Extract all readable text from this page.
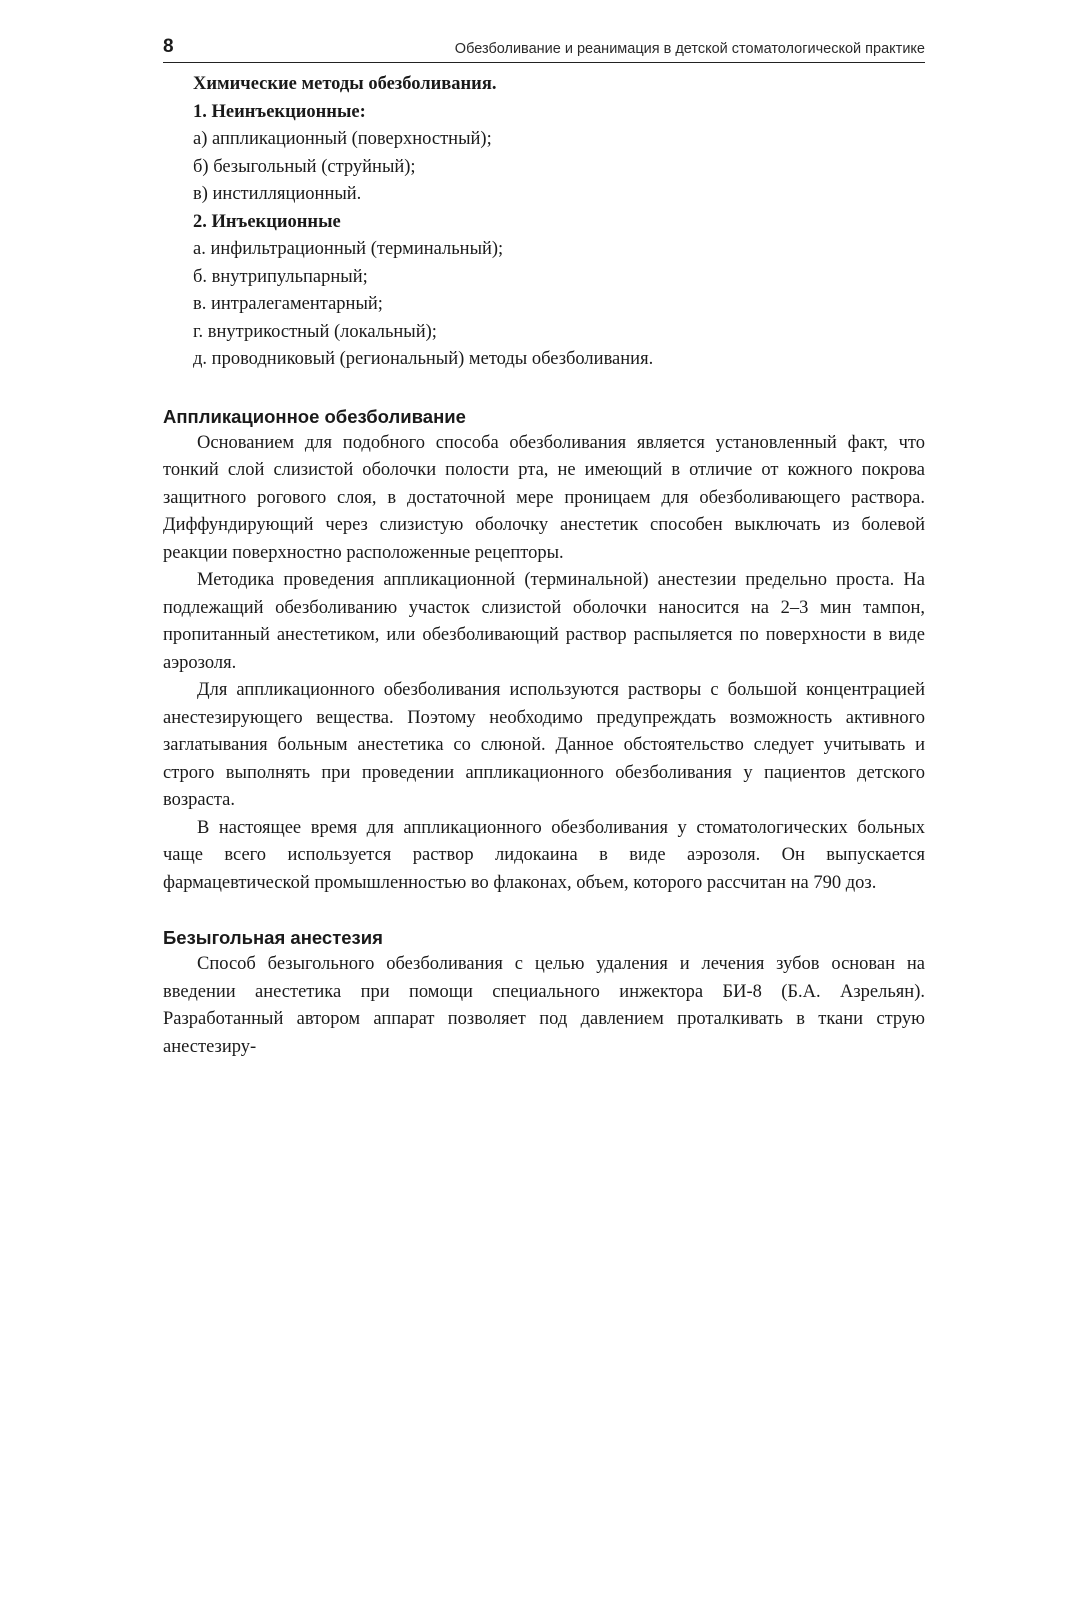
8	Обезболивание и реанимация в детской стоматологической практике
Химические методы обезболивания.
1. Неинъекционные:
а) аппликационный (поверхностный);
б) безыгольный (струйный);
в) инстилляционный.
2. Инъекционные
а. инфильтрационный (терминальный);
б. внутрипульпарный;
в. интралегаментарный;
г. внутрикостный (локальный);
д. проводниковый (региональный) методы обезболивания.
Аппликационное обезболивание

Основанием для подобного способа обезболивания является установленный факт, что тонкий слой слизистой оболочки полости рта, не имеющий в отличие от кожного покрова защитного рогового слоя, в достаточной мере проницаем для обезболивающего раствора. Диффундирующий через слизистую оболочку анестетик способен выключать из болевой реакции поверхностно расположенные рецепторы.

Методика проведения аппликационной (терминальной) анестезии предельно проста. На подлежащий обезболиванию участок слизистой оболочки наносится на 2–3 мин тампон, пропитанный анестетиком, или обезболивающий раствор распыляется по поверхности в виде аэрозоля.

Для аппликационного обезболивания используются растворы с большой концентрацией анестезирующего вещества. Поэтому необходимо предупреждать возможность активного заглатывания больным анестетика со слюной. Данное обстоятельство следует учитывать и строго выполнять при проведении аппликационного обезболивания у пациентов детского возраста.

В настоящее время для аппликационного обезболивания у стоматологических больных чаще всего используется раствор лидокаина в виде аэрозоля. Он выпускается фармацевтической промышленностью во флаконах, объем, которого рассчитан на 790 доз.

Безыгольная анестезия

Способ безыгольного обезболивания с целью удаления и лечения зубов основан на введении анестетика при помощи специального инжектора БИ-8 (Б.А. Азрельян). Разработанный автором аппарат позволяет под давлением проталкивать в ткани струю анестезиру-
